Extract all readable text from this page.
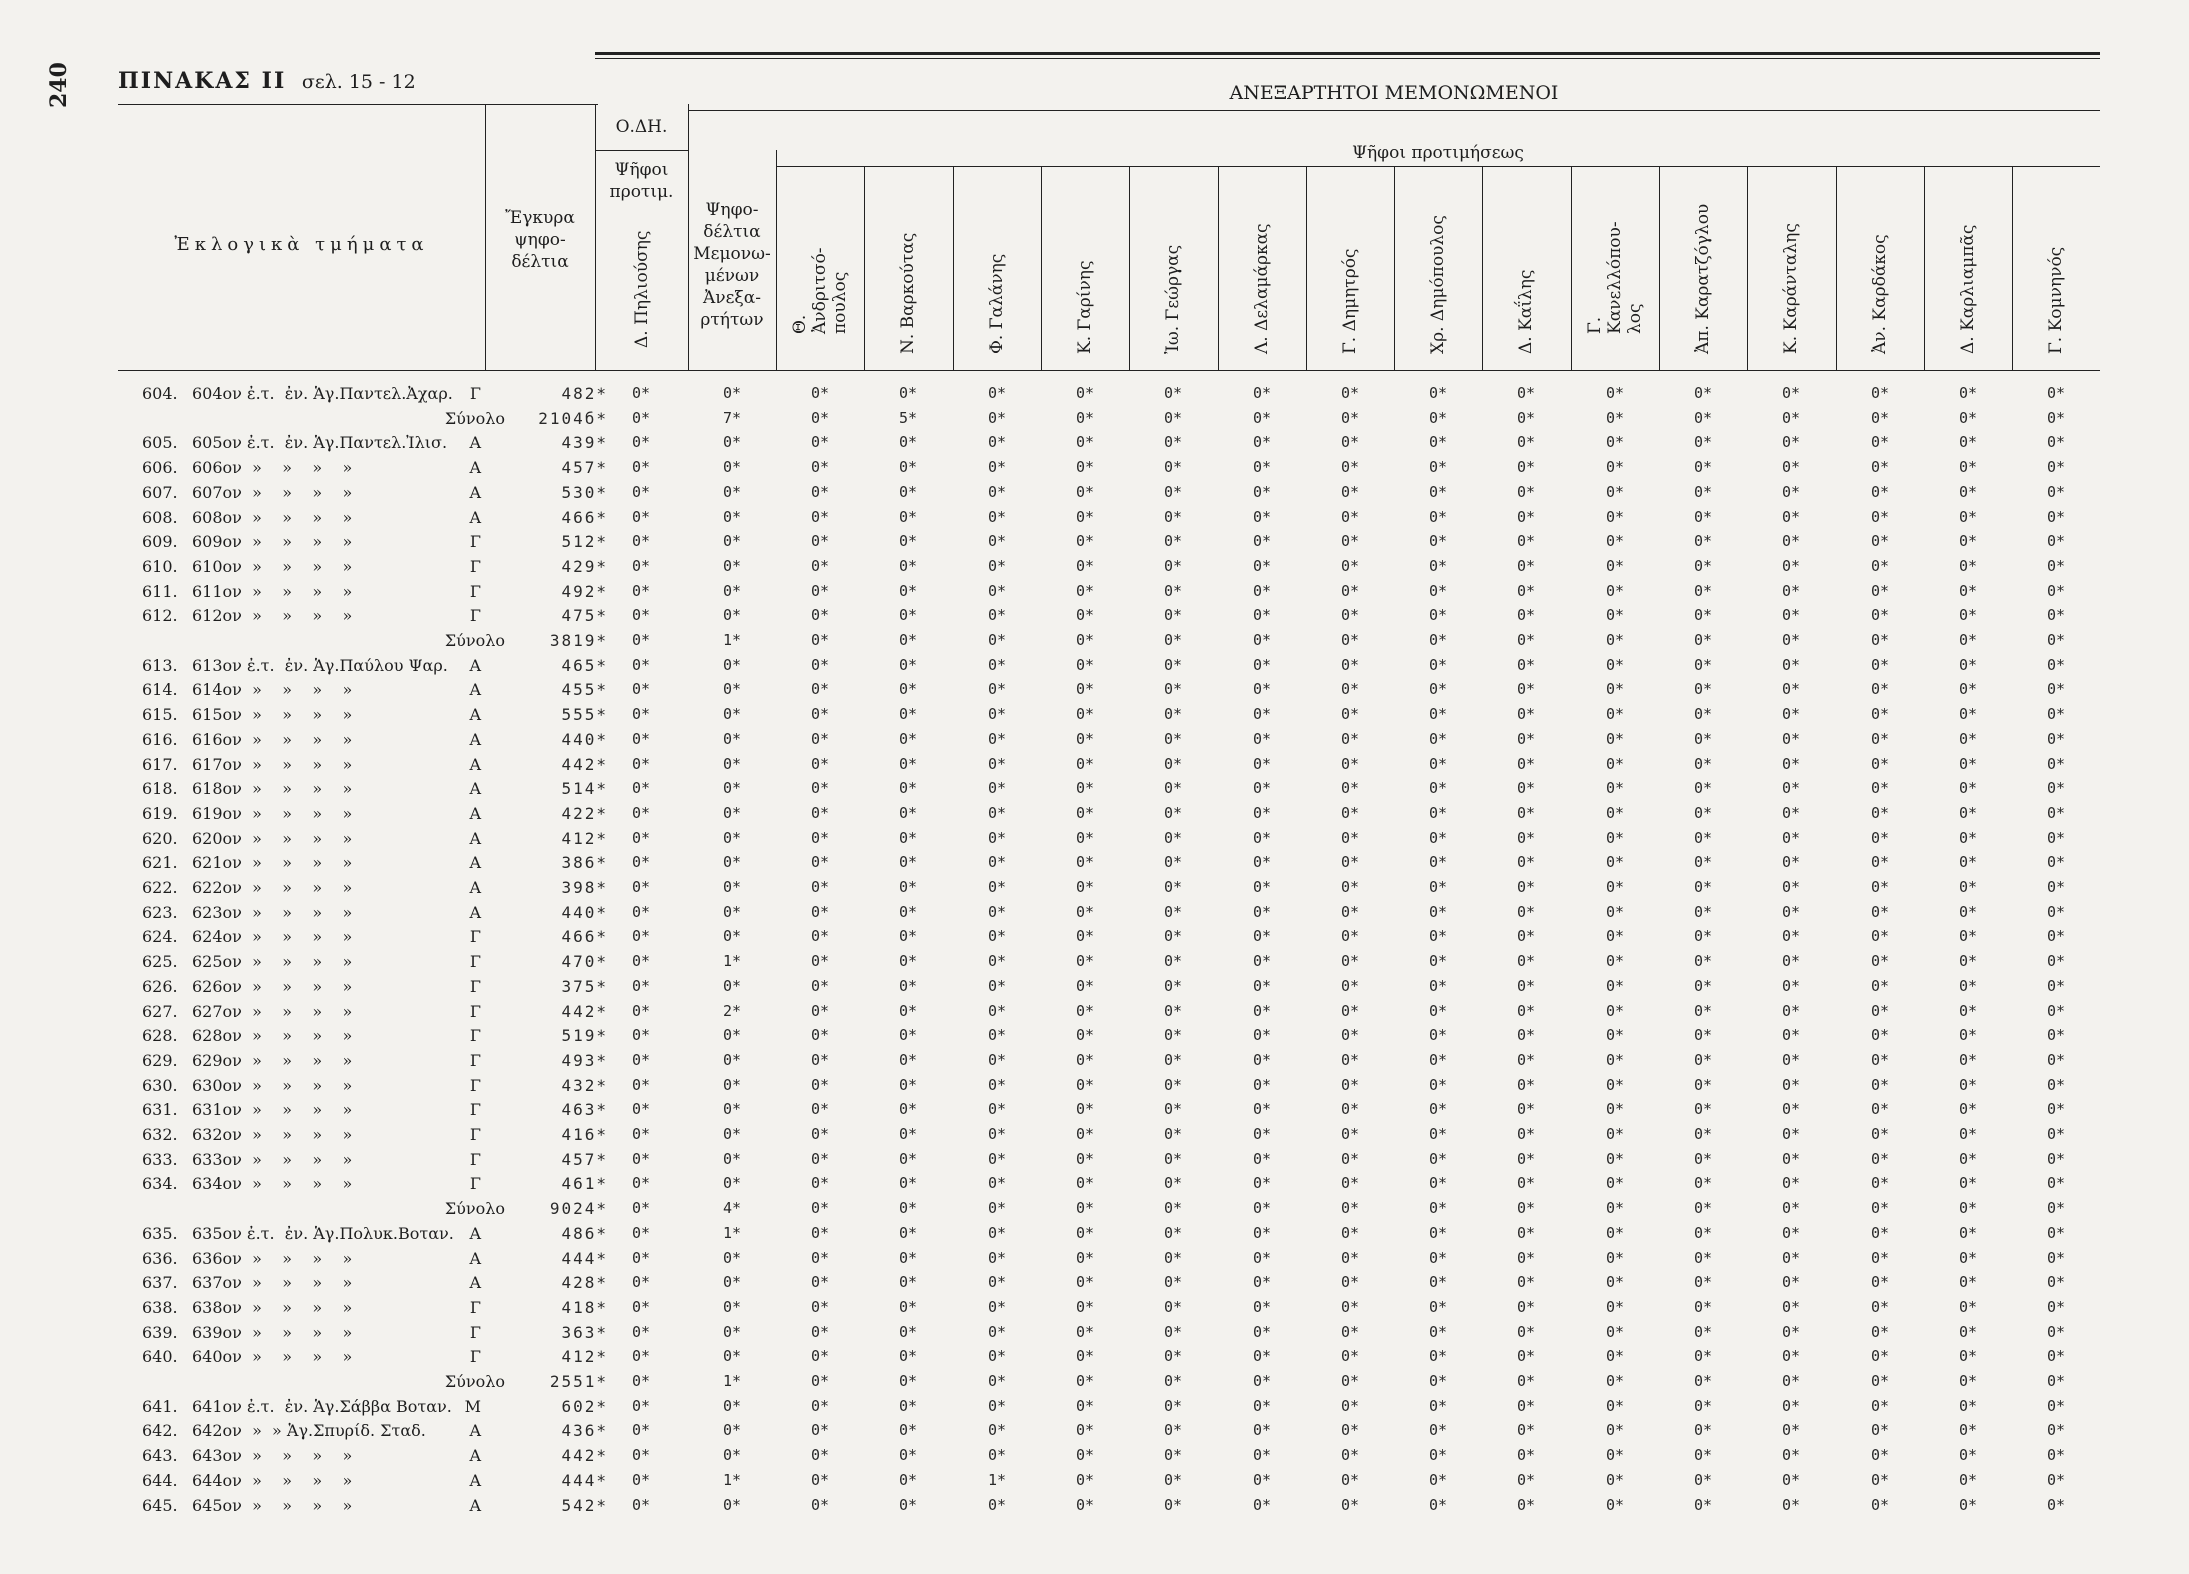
240 ΠΙΝΑΚΑΣ ΙΙ σελ. 15 - 12
Ἐκλογικὰ τμήματα
Ἔγκυρα
ψηφο-
δέλτια
Ο.ΔΗ.
Ψῆφοι
προτιμ.
ΑΝΕΞΑΡΤΗΤΟΙ ΜΕΜΟΝΩΜΕΝΟΙ
Ψῆφοι προτιμήσεως
Ψηφο-
δέλτια
Μεμονω-
μένων
Ἀνεξα-
ρτήτων
Δ. Πηλιούσης	Θ. Ἀνδριτσό-
πουλος	Ν. Βαρκούτας	Φ. Γαλάνης	Κ. Γαρίνης	Ἰω. Γεώργας	Λ. Δελαμάρκας	Γ. Δημητρός	Χρ. Δημόπουλος	Δ. Καΐλης	Γ. Κανελλόπου-
λος	Ἀπ. Καρατζόγλου	Κ. Καράνταλης	Ἀν. Καρδάκος	Δ. Καρλιαμπᾶς	Γ. Κομνηνός
604. 604ον ἐ.τ.  ἐν. Ἁγ.Παντελ.Ἀχαρ. Γ	482*	0*	0*	0*	0*	0*	0*	0*	0*	0*	0*	0*	0*	0*	0*	0*	0*	0*
Σύνολο	2104б*	0*	7*	0*	5*	0*	0*	0*	0*	0*	0*	0*	0*	0*	0*	0*	0*	0*
605. 605ον ἐ.τ.  ἐν. Ἁγ.Παντελ.Ἰλισ. Α	439*	0*	0*	0*	0*	0*	0*	0*	0*	0*	0*	0*	0*	0*	0*	0*	0*	0*
606. 606ον  »    »    »    »	Α	457*	0*	0*	0*	0*	0*	0*	0*	0*	0*	0*	0*	0*	0*	0*	0*	0*	0*
607. 607ον  »    »    »    »	Α	530*	0*	0*	0*	0*	0*	0*	0*	0*	0*	0*	0*	0*	0*	0*	0*	0*	0*
608. 608ον  »    »    »    »	Α	466*	0*	0*	0*	0*	0*	0*	0*	0*	0*	0*	0*	0*	0*	0*	0*	0*	0*
609. 609ον  »    »    »    »	Γ	512*	0*	0*	0*	0*	0*	0*	0*	0*	0*	0*	0*	0*	0*	0*	0*	0*	0*
610. 610ον  »    »    »    »	Γ	429*	0*	0*	0*	0*	0*	0*	0*	0*	0*	0*	0*	0*	0*	0*	0*	0*	0*
611. 611ον  »    »    »    »	Γ	492*	0*	0*	0*	0*	0*	0*	0*	0*	0*	0*	0*	0*	0*	0*	0*	0*	0*
612. 612ον  »    »    »    »	Γ	475*	0*	0*	0*	0*	0*	0*	0*	0*	0*	0*	0*	0*	0*	0*	0*	0*	0*
Σύνολο	3819*	0*	1*	0*	0*	0*	0*	0*	0*	0*	0*	0*	0*	0*	0*	0*	0*	0*
613. 613ον ἐ.τ.  ἐν. Ἁγ.Παύλου Ψαρ. Α	465*	0*	0*	0*	0*	0*	0*	0*	0*	0*	0*	0*	0*	0*	0*	0*	0*	0*
614. 614ον  »    »    »    »	Α	455*	0*	0*	0*	0*	0*	0*	0*	0*	0*	0*	0*	0*	0*	0*	0*	0*	0*
615. 615ον  »    »    »    »	Α	555*	0*	0*	0*	0*	0*	0*	0*	0*	0*	0*	0*	0*	0*	0*	0*	0*	0*
616. 616ον  »    »    »    »	Α	440*	0*	0*	0*	0*	0*	0*	0*	0*	0*	0*	0*	0*	0*	0*	0*	0*	0*
617. 617ον  »    »    »    »	Α	442*	0*	0*	0*	0*	0*	0*	0*	0*	0*	0*	0*	0*	0*	0*	0*	0*	0*
618. 618ον  »    »    »    »	Α	514*	0*	0*	0*	0*	0*	0*	0*	0*	0*	0*	0*	0*	0*	0*	0*	0*	0*
619. 619ον  »    »    »    »	Α	422*	0*	0*	0*	0*	0*	0*	0*	0*	0*	0*	0*	0*	0*	0*	0*	0*	0*
620. 620ον  »    »    »    »	Α	412*	0*	0*	0*	0*	0*	0*	0*	0*	0*	0*	0*	0*	0*	0*	0*	0*	0*
621. 621ον  »    »    »    »	Α	386*	0*	0*	0*	0*	0*	0*	0*	0*	0*	0*	0*	0*	0*	0*	0*	0*	0*
622. 622ον  »    »    »    »	Α	398*	0*	0*	0*	0*	0*	0*	0*	0*	0*	0*	0*	0*	0*	0*	0*	0*	0*
623. 623ον  »    »    »    »	Α	440*	0*	0*	0*	0*	0*	0*	0*	0*	0*	0*	0*	0*	0*	0*	0*	0*	0*
624. 624ον  »    »    »    »	Γ	466*	0*	0*	0*	0*	0*	0*	0*	0*	0*	0*	0*	0*	0*	0*	0*	0*	0*
625. 625ον  »    »    »    »	Γ	470*	0*	1*	0*	0*	0*	0*	0*	0*	0*	0*	0*	0*	0*	0*	0*	0*	0*
626. 626ον  »    »    »    »	Γ	375*	0*	0*	0*	0*	0*	0*	0*	0*	0*	0*	0*	0*	0*	0*	0*	0*	0*
627. 627ον  »    »    »    »	Γ	442*	0*	2*	0*	0*	0*	0*	0*	0*	0*	0*	0*	0*	0*	0*	0*	0*	0*
628. 628ον  »    »    »    »	Γ	519*	0*	0*	0*	0*	0*	0*	0*	0*	0*	0*	0*	0*	0*	0*	0*	0*	0*
629. 629ον  »    »    »    »	Γ	493*	0*	0*	0*	0*	0*	0*	0*	0*	0*	0*	0*	0*	0*	0*	0*	0*	0*
630. 630ον  »    »    »    »	Γ	432*	0*	0*	0*	0*	0*	0*	0*	0*	0*	0*	0*	0*	0*	0*	0*	0*	0*
631. 631ον  »    »    »    »	Γ	463*	0*	0*	0*	0*	0*	0*	0*	0*	0*	0*	0*	0*	0*	0*	0*	0*	0*
632. 632ον  »    »    »    »	Γ	416*	0*	0*	0*	0*	0*	0*	0*	0*	0*	0*	0*	0*	0*	0*	0*	0*	0*
633. 633ον  »    »    »    »	Γ	457*	0*	0*	0*	0*	0*	0*	0*	0*	0*	0*	0*	0*	0*	0*	0*	0*	0*
634. 634ον  »    »    »    »	Γ	461*	0*	0*	0*	0*	0*	0*	0*	0*	0*	0*	0*	0*	0*	0*	0*	0*	0*
Σύνολο	9024*	0*	4*	0*	0*	0*	0*	0*	0*	0*	0*	0*	0*	0*	0*	0*	0*	0*
635. 635ον ἐ.τ.  ἐν. Ἁγ.Πολυκ.Βοταν. Α	486*	0*	1*	0*	0*	0*	0*	0*	0*	0*	0*	0*	0*	0*	0*	0*	0*	0*
636. 636ον  »    »    »    »	Α	444*	0*	0*	0*	0*	0*	0*	0*	0*	0*	0*	0*	0*	0*	0*	0*	0*	0*
637. 637ον  »    »    »    »	Α	428*	0*	0*	0*	0*	0*	0*	0*	0*	0*	0*	0*	0*	0*	0*	0*	0*	0*
638. 638ον  »    »    »    »	Γ	418*	0*	0*	0*	0*	0*	0*	0*	0*	0*	0*	0*	0*	0*	0*	0*	0*	0*
639. 639ον  »    »    »    »	Γ	363*	0*	0*	0*	0*	0*	0*	0*	0*	0*	0*	0*	0*	0*	0*	0*	0*	0*
640. 640ον  »    »    »    »	Γ	412*	0*	0*	0*	0*	0*	0*	0*	0*	0*	0*	0*	0*	0*	0*	0*	0*	0*
Σύνολο	2551*	0*	1*	0*	0*	0*	0*	0*	0*	0*	0*	0*	0*	0*	0*	0*	0*	0*
641. 641ον ἐ.τ.  ἐν. Ἁγ.Σάββα Βοταν. Μ	602*	0*	0*	0*	0*	0*	0*	0*	0*	0*	0*	0*	0*	0*	0*	0*	0*	0*
642. 642ον  »  » Ἁγ.Σπυρίδ. Σταδ.	Α	436*	0*	0*	0*	0*	0*	0*	0*	0*	0*	0*	0*	0*	0*	0*	0*	0*	0*
643. 643ον  »    »    »    »	Α	442*	0*	0*	0*	0*	0*	0*	0*	0*	0*	0*	0*	0*	0*	0*	0*	0*	0*
644. 644ον  »    »    »    »	Α	444*	0*	1*	0*	0*	1*	0*	0*	0*	0*	0*	0*	0*	0*	0*	0*	0*	0*
645. 645ον  »    »    »    »	Α	542*	0*	0*	0*	0*	0*	0*	0*	0*	0*	0*	0*	0*	0*	0*	0*	0*	0*
